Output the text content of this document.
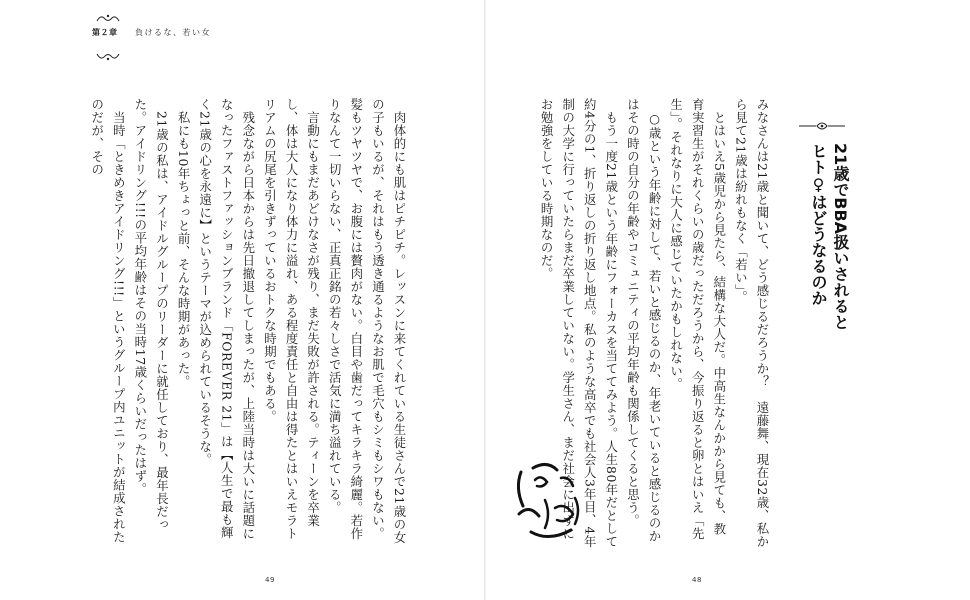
第２章 負けるな、若い女

　肉体的にも肌はピチピチ。レッスンに来てくれている生徒さんで21歳の女の子もいるが、それはもう透き通るようなお肌で毛穴もシミもシワもない。髪もツヤツヤで、お腹には贅肉がない。白目や歯だってキラキラ綺麗。若作りなんて一切いらない、正真正銘の若々しさで活気に満ち溢れている。

　言動にもまだあどけなさが残り、まだ失敗が許される。ティーンを卒業し、体は大人になり体力に溢れ、ある程度責任と自由は得たとはいえモラトリアムの尻尾を引きずっているおトクな時期でもある。

　残念ながら日本からは先日撤退してしまったが、上陸当時は大いに話題になったファストファッションブランド「FOREVER 21」は【人生で最も輝く21歳の心を永遠に】というテーマが込められているそうな。

　私にも10年ちょっと前、そんな時期があった。

　21歳の私は、アイドルグループのリーダーに就任しており、最年長だった。アイドリング!!!の平均年齢はその当時17歳くらいだったはず。

　当時「ときめきアイドリング!!!」というグループ内ユニットが結成されたのだが、その

49

21歳でBBA扱いされると

ヒト♀はどうなるのか

みなさんは21歳と聞いて、どう感じるだろうか？　遠藤舞、現在32歳、私から見て21歳は紛れもなく「若い」。

　とはいえ5歳児から見たら、結構な大人だ。中高生なんかから見ても、教育実習生がそれくらいの歳だっただろうから、今振り返ると卵とはいえ「先生」。それなりに大人に感じていたかもしれない。

　○歳という年齢に対して、若いと感じるのか、年老いていると感じるのかはその時の自分の年齢やコミュニティの平均年齢も関係してくると思う。

　もう一度21歳という年齢にフォーカスを当ててみよう。人生80年だとして約4分の1、折り返しの折り返し地点。私のような高卒でも社会人3年目、4年制の大学に行っていたらまだ卒業していない。学生さん、まだ社会に出ずにお勉強をしている時期なのだ。

48
